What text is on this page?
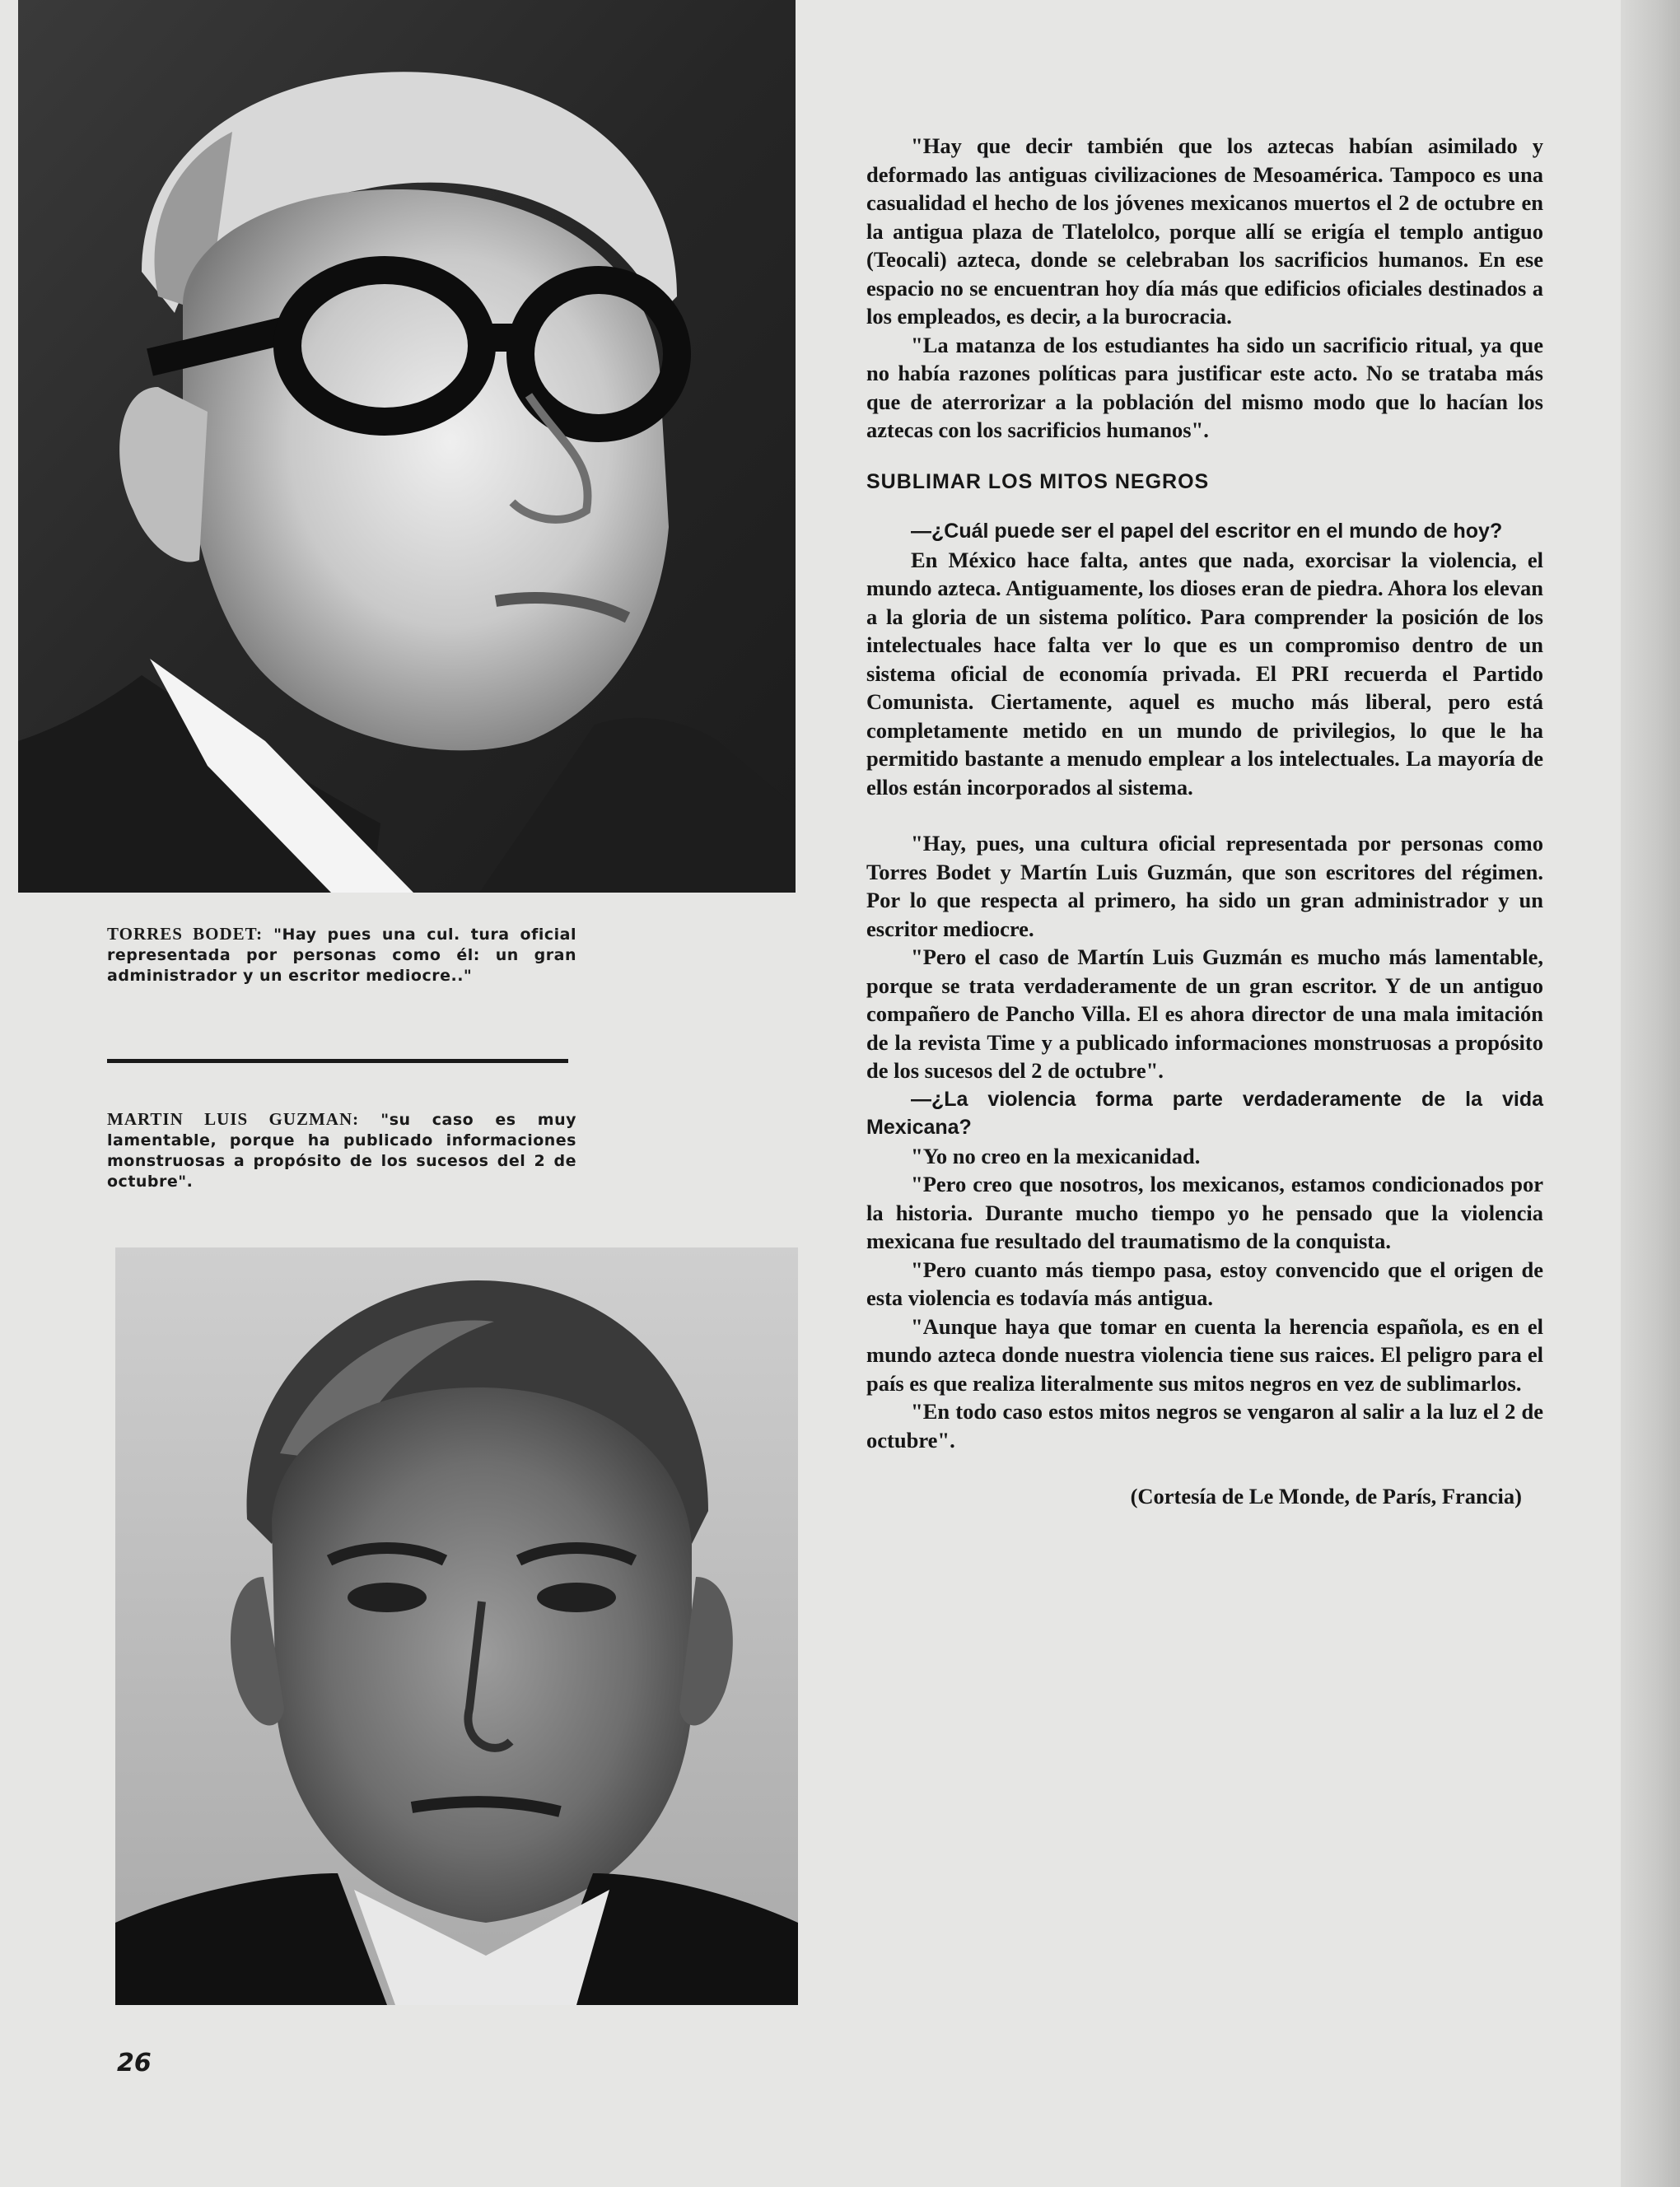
TORRES BODET: "Hay pues una cul. tura oficial representada por personas como él: un gran administrador y un escritor mediocre.."
MARTIN LUIS GUZMAN: "su caso es muy lamentable, porque ha publicado informaciones monstruosas a propósito de los sucesos del 2 de octubre".

"Hay que decir también que los aztecas habían asimilado y deformado las antiguas civilizaciones de Mesoamérica. Tampoco es una casualidad el hecho de los jóvenes mexicanos muertos el 2 de octubre en la antigua plaza de Tlatelolco, porque allí se erigía el templo antiguo (Teocali) azteca, donde se celebraban los sacrificios humanos. En ese espacio no se encuentran hoy día más que edificios oficiales destinados a los empleados, es decir, a la burocracia.

"La matanza de los estudiantes ha sido un sacrificio ritual, ya que no había razones políticas para justificar este acto. No se trataba más que de aterrorizar a la población del mismo modo que lo hacían los aztecas con los sacrificios humanos".

SUBLIMAR LOS MITOS NEGROS

—¿Cuál puede ser el papel del escritor en el mundo de hoy?

En México hace falta, antes que nada, exorcisar la violencia, el mundo azteca. Antiguamente, los dioses eran de piedra. Ahora los elevan a la gloria de un sistema político. Para comprender la posición de los intelectuales hace falta ver lo que es un compromiso dentro de un sistema oficial de economía privada. El PRI recuerda el Partido Comunista. Ciertamente, aquel es mucho más liberal, pero está completamente metido en un mundo de privilegios, lo que le ha permitido bastante a menudo emplear a los intelectuales. La mayoría de ellos están incorporados al sistema.

"Hay, pues, una cultura oficial representada por personas como Torres Bodet y Martín Luis Guzmán, que son escritores del régimen. Por lo que respecta al primero, ha sido un gran administrador y un escritor mediocre.

"Pero el caso de Martín Luis Guzmán es mucho más lamentable, porque se trata verdaderamente de un gran escritor. Y de un antiguo compañero de Pancho Villa. El es ahora director de una mala imitación de la revista Time y a publicado informaciones monstruosas a propósito de los sucesos del 2 de octubre".

—¿La violencia forma parte verdaderamente de la vida Mexicana?

"Yo no creo en la mexicanidad.

"Pero creo que nosotros, los mexicanos, estamos condicionados por la historia. Durante mucho tiempo yo he pensado que la violencia mexicana fue resultado del traumatismo de la conquista.

"Pero cuanto más tiempo pasa, estoy convencido que el origen de esta violencia es todavía más antigua.

"Aunque haya que tomar en cuenta la herencia española, es en el mundo azteca donde nuestra violencia tiene sus raices. El peligro para el país es que realiza literalmente sus mitos negros en vez de sublimarlos.

"En todo caso estos mitos negros se vengaron al salir a la luz el 2 de octubre".

(Cortesía de Le Monde, de París, Francia)

26
